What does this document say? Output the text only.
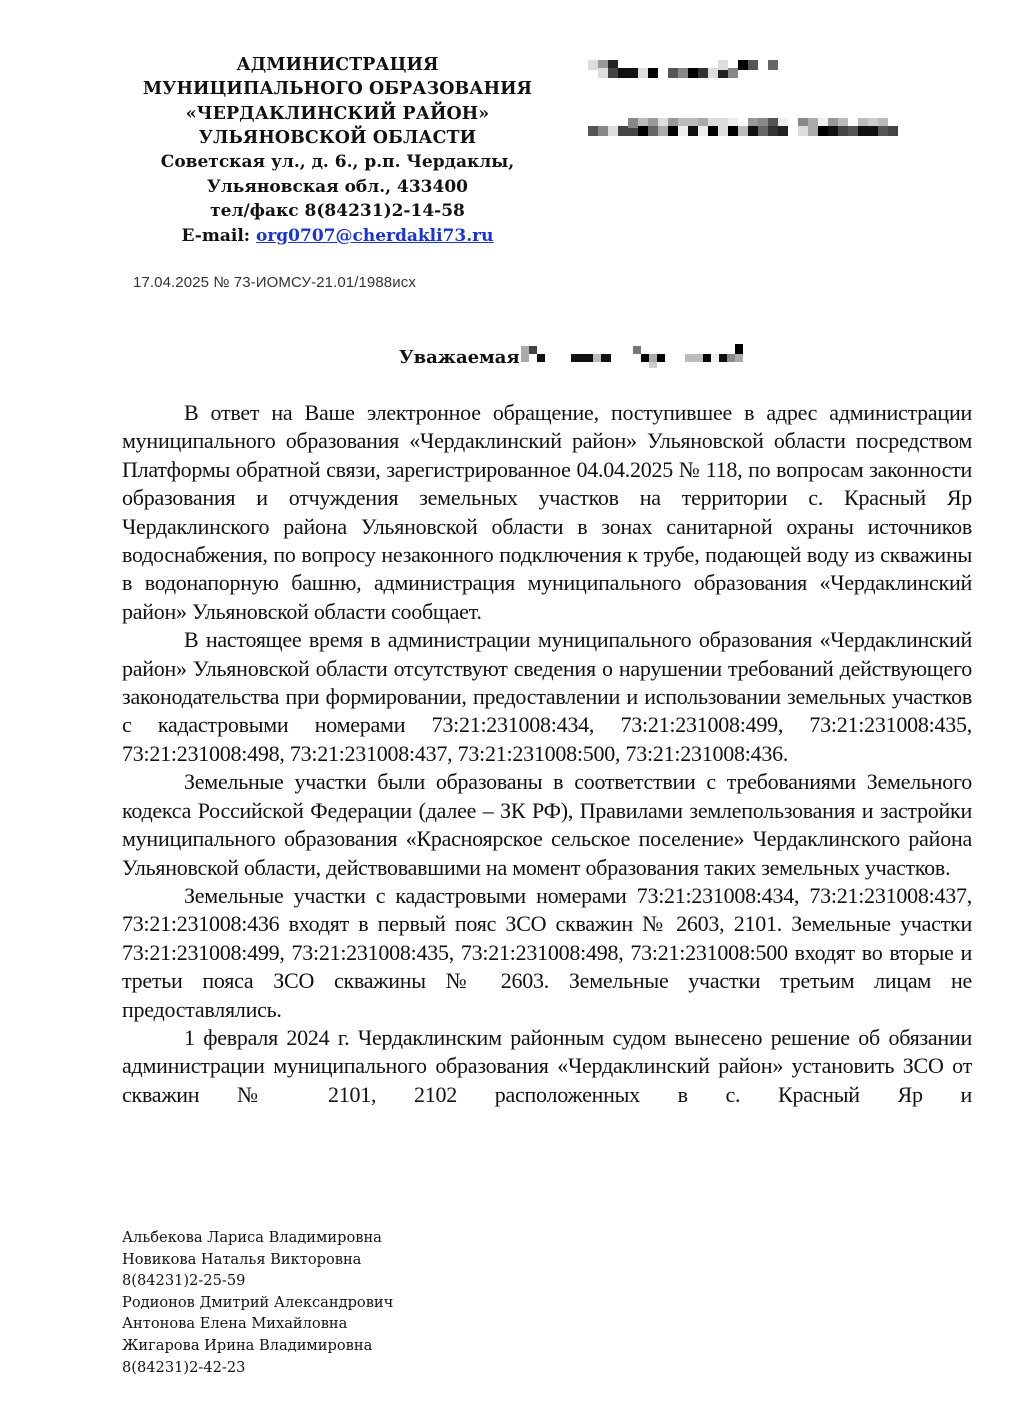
АДМИНИСТРАЦИЯ
МУНИЦИПАЛЬНОГО ОБРАЗОВАНИЯ
«ЧЕРДАКЛИНСКИЙ РАЙОН»
УЛЬЯНОВСКОЙ ОБЛАСТИ
Советская ул., д. 6., р.п. Чердаклы,
Ульяновская обл., 433400
тел/факс 8(84231)2-14-58
E-mail: org0707@cherdakli73.ru
17.04.2025 № 73-ИОМСУ-21.01/1988исх
Уважаемая

В ответ на Ваше электронное обращение, поступившее в адрес администрации муниципального образования «Чердаклинский район» Ульяновской области посредством Платформы обратной связи, зарегистрированное 04.04.2025 № 118, по вопросам законности образования и отчуждения земельных участков на территории с. Красный Яр Чердаклинского района Ульяновской области в зонах санитарной охраны источников водоснабжения, по вопросу незаконного подключения к трубе, подающей воду из скважины в водонапорную башню, администрация муниципального образования «Чердаклинский район» Ульяновской области сообщает.

В настоящее время в администрации муниципального образования «Чердаклинский район» Ульяновской области отсутствуют сведения о нарушении требований действующего законодательства при формировании, предоставлении и использовании земельных участков с кадастровыми номерами 73:21:231008:434, 73:21:231008:499, 73:21:231008:435, 73:21:231008:498, 73:21:231008:437, 73:21:231008:500, 73:21:231008:436.

Земельные участки были образованы в соответствии с требованиями Земельного кодекса Российской Федерации (далее – ЗК РФ), Правилами землепользования и застройки муниципального образования «Красноярское сельское поселение» Чердаклинского района Ульяновской области, действовавшими на момент образования таких земельных участков.

Земельные участки с кадастровыми номерами 73:21:231008:434, 73:21:231008:437, 73:21:231008:436 входят в первый пояс ЗСО скважин № 2603, 2101. Земельные участки 73:21:231008:499, 73:21:231008:435, 73:21:231008:498, 73:21:231008:500 входят во вторые и третьи пояса ЗСО скважины № 2603. Земельные участки третьим лицам не предоставлялись.

1 февраля 2024 г. Чердаклинским районным судом вынесено решение об обязании администрации муниципального образования «Чердаклинский район» установить ЗСО от скважин № 2101, 2102 расположенных в с. Красный Яр и

Альбекова Лариса Владимировна
Новикова Наталья Викторовна
8(84231)2-25-59
Родионов Дмитрий Александрович
Антонова Елена Михайловна
Жигарова Ирина Владимировна
8(84231)2-42-23
